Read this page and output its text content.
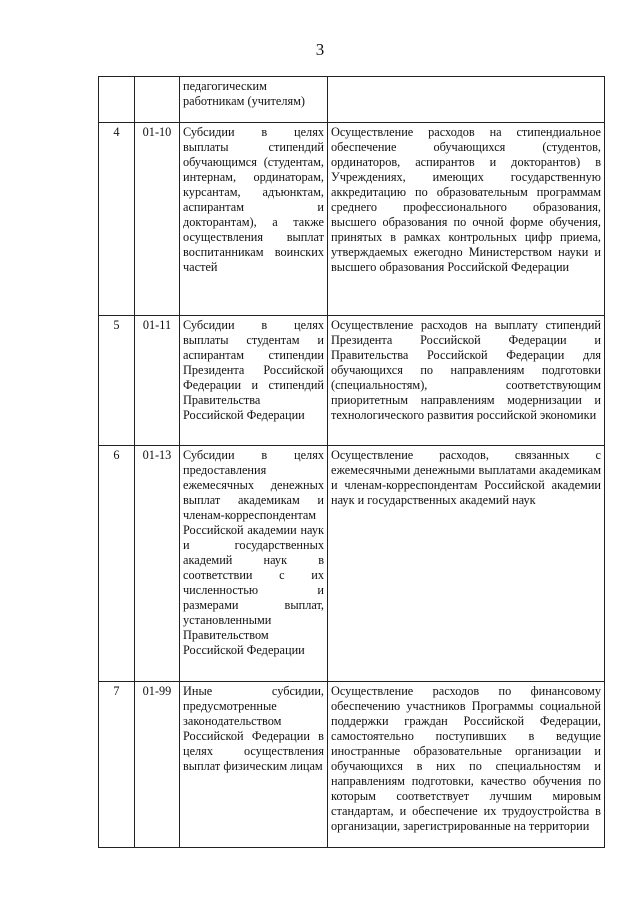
3

		педагогическим работникам (учителям)	

4	01-10	Субсидии в целях выплаты стипендий обучающимся (студентам, интернам, ординаторам, курсантам, адъюнктам, аспирантам и докторантам), а также осуществления выплат воспитанникам воинских частей	Осуществление расходов на стипендиальное обеспечение обучающихся (студентов, ординаторов, аспирантов и докторантов) в Учреждениях, имеющих государственную аккредитацию по образовательным программам среднего профессионального образования, высшего образования по очной форме обучения, принятых в рамках контрольных цифр приема, утверждаемых ежегодно Министерством науки и высшего образования Российской Федерации

5	01-11	Субсидии в целях выплаты студентам и аспирантам стипендии Президента Российской Федерации и стипендий Правительства Российской Федерации	Осуществление расходов на выплату стипендий Президента Российской Федерации и Правительства Российской Федерации для обучающихся по направлениям подготовки (специальностям), соответствующим приоритетным направлениям модернизации и технологического развития российской экономики

6	01-13	Субсидии в целях предоставления ежемесячных денежных выплат академикам и членам-корреспондентам Российской академии наук и государственных академий наук в соответствии с их численностью и размерами выплат, установленными Правительством Российской Федерации	Осуществление расходов, связанных с ежемесячными денежными выплатами академикам и членам-корреспондентам Российской академии наук и государственных академий наук

7	01-99	Иные субсидии, предусмотренные законодательством Российской Федерации в целях осуществления выплат физическим лицам	Осуществление расходов по финансовому обеспечению участников Программы социальной поддержки граждан Российской Федерации, самостоятельно поступивших в ведущие иностранные образовательные организации и обучающихся в них по специальностям и направлениям подготовки, качество обучения по которым соответствует лучшим мировым стандартам, и обеспечение их трудоустройства в организации, зарегистрированные на территории
